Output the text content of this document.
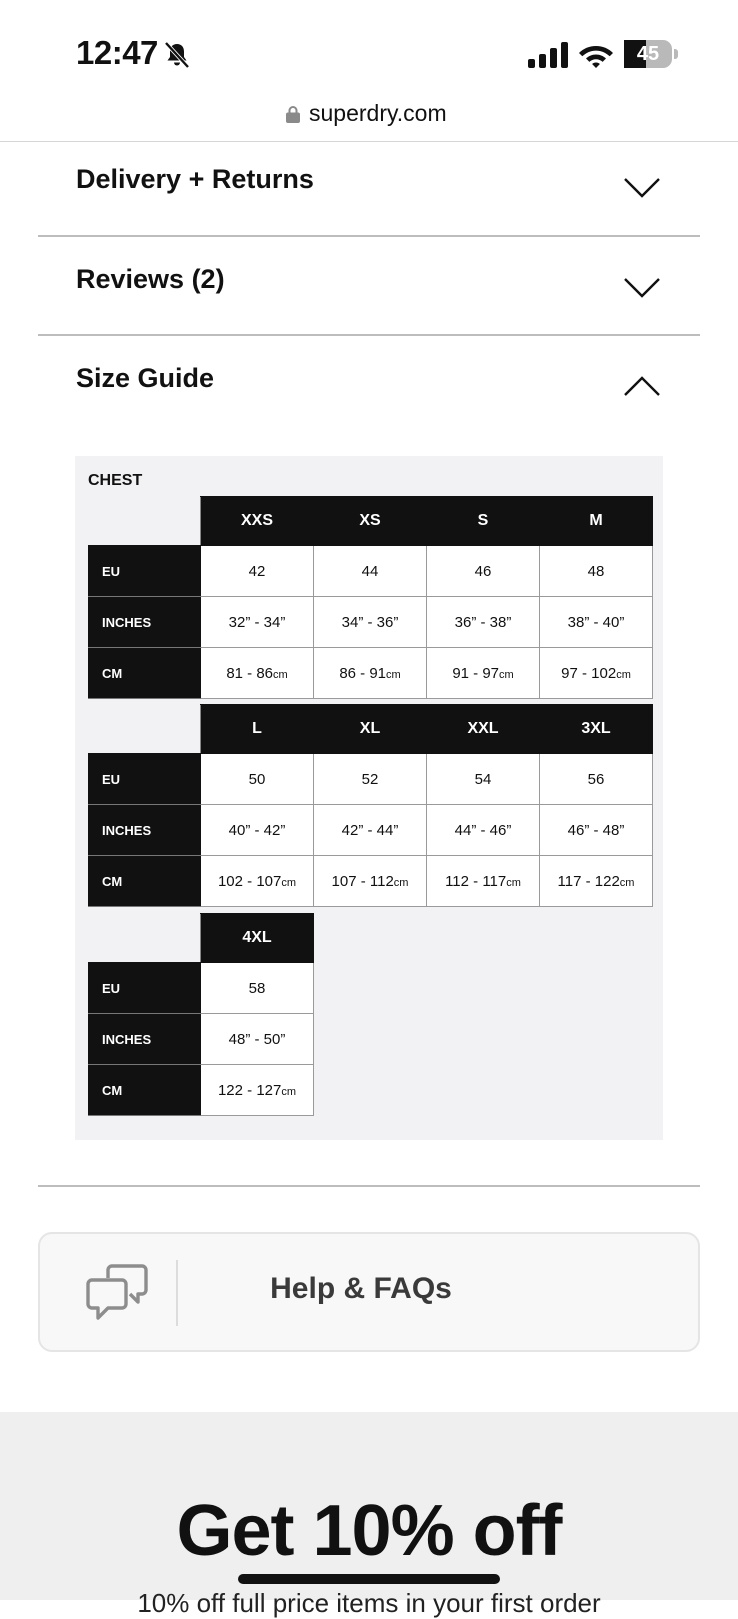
12:47	45
superdry.com
Delivery + Returns
Reviews (2)
Size Guide
CHEST
	XXS	XS	S	M
EU	42	44	46	48
INCHES	32” - 34”	34” - 36”	36” - 38”	38” - 40”
CM	81 - 86cm	86 - 91cm	91 - 97cm	97 - 102cm
	L	XL	XXL	3XL
EU	50	52	54	56
INCHES	40” - 42”	42” - 44”	44” - 46”	46” - 48”
CM	102 - 107cm	107 - 112cm	112 - 117cm	117 - 122cm
	4XL
EU	58
INCHES	48” - 50”
CM	122 - 127cm
Help & FAQs
Get 10% off
10% off full price items in your first order
